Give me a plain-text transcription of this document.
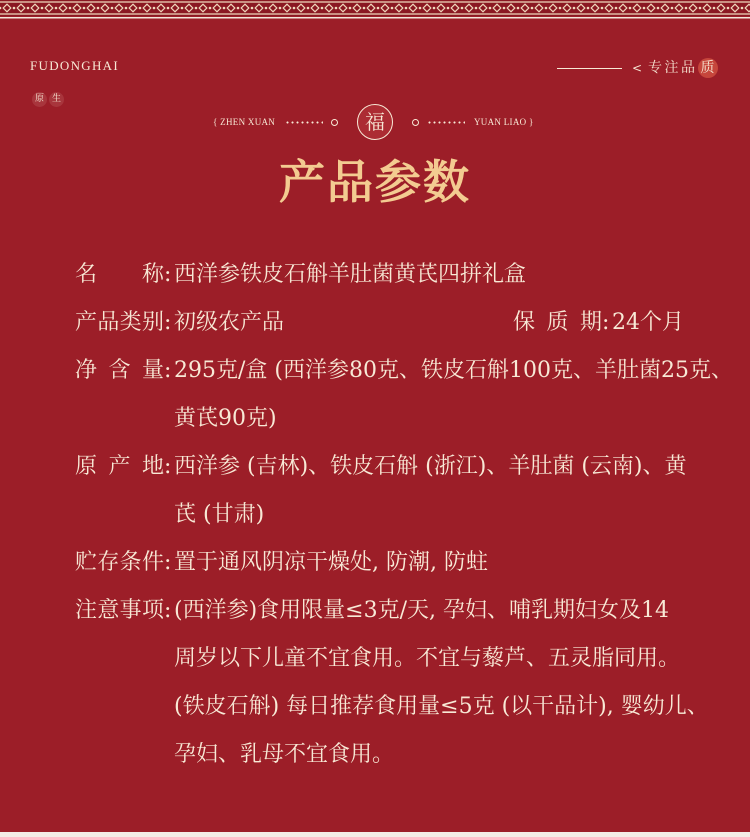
FUDONGHAI
原 生
< 专注品 质
{ ZHEN XUAN	福	YUAN LIAO }
产品参数
名 称 : 西洋参铁皮石斛羊肚菌黄芪四拼礼盒
产品类别 : 初级农产品	保 质 期 : 24个月
净 含 量 : 295克/盒 (西洋参80克、铁皮石斛100克、羊肚菌25克、
黄芪90克)
原 产 地 : 西洋参 (吉林)、铁皮石斛 (浙江)、羊肚菌 (云南)、黄
芪 (甘肃)
贮存条件 : 置于通风阴凉干燥处, 防潮, 防蛀
注意事项 : (西洋参)食用限量≤3克/天, 孕妇、哺乳期妇女及14
周岁以下儿童不宜食用。不宜与藜芦、五灵脂同用。
(铁皮石斛) 每日推荐食用量≤5克 (以干品计), 婴幼儿、
孕妇、乳母不宜食用。
